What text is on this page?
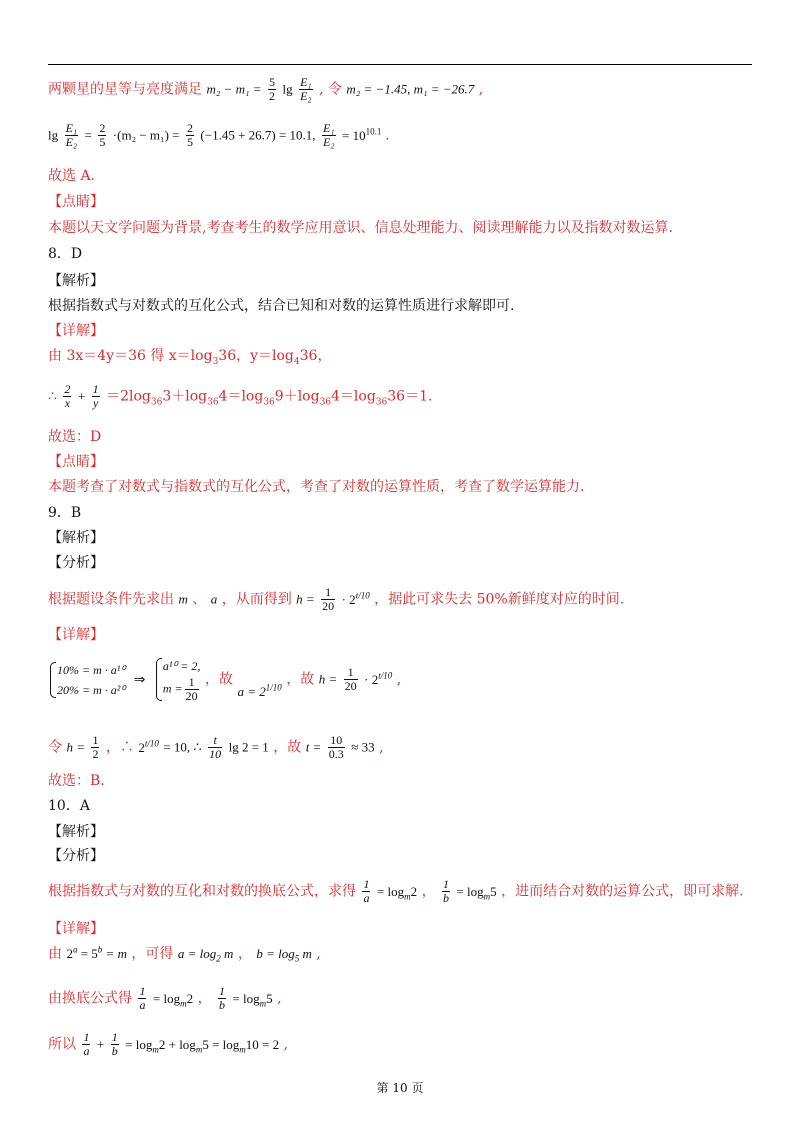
两颗星的星等与亮度满足 $m_2 - m_1 = \frac{5}{2}$ $\lg \frac{\text{E₁}}{\text{E₂}}$ , 令 m₂ = −1.45, m₁ = −26.7 ,
$\lg \frac{\text{E₁}}{\text{E₂}} = \frac{2}{5} \cdot(m_2 - m_1) = \frac{2}{5} (-1.45 + 26.7) = 10.1$, $\frac{\text{E₁}}{\text{E₂}} = 10^{10.1}$ .
故选 A.
【点睛】
本题以天文学问题为背景,考查考生的数学应用意识、信息处理能力、阅读理解能力以及指数对数运算.
8．D
【解析】
根据指数式与对数式的互化公式，结合已知和对数的运算性质进行求解即可.
【详解】
由 3x＝4y＝36 得 $x=\log_336$，$y=\log_436$，
∴ $\frac{2}{x} + \frac{1}{y} =2\log_{36}3+\log_{36}4=\log_{36}9+\log_{36}4=\log_{36}36=1$.
故选：D
【点睛】
本题考查了对数式与指数式的互化公式，考查了对数的运算性质，考查了数学运算能力.
9．B
【解析】
【分析】
根据题设条件先求出 m 、 a ，从而得到 $h = \frac{1}{20} \cdot 2^{t/10}$ ，据此可求失去 50%新鲜度对应的时间.
【详解】
10% = m · a¹⁰
20% = m · a²⁰
⇒
a¹⁰ = 2,
$m = \frac{1}{20}$ ，故 $a = 2^{1/10}$ ，故 $h = \frac{1}{20} \cdot 2^{t/10}$ ,
令 $h = \frac{1}{2}$ ，∴ $2^{t/10} = 10$, ∴ $\frac{t}{10}$ lg 2 = 1 ，故 $t = \frac{10}{0.3} \approx 33$ ,
故选：B.
10．A
【解析】
【分析】
根据指数式与对数的互化和对数的换底公式，求得 $\frac{1}{a} = \log_m2$ ， $\frac{1}{b} = \log_m5$ ，进而结合对数的运算公式，即可求解.
【详解】
由 $2^a = 5^b = m$ ，可得 $a = \log_2 m$ ， $b = \log_5 m$ ,
由换底公式得 $\frac{1}{a} = \log_m2$ ， $\frac{1}{b} = \log_m5$ ,
所以 $\frac{1}{a} + \frac{1}{b} = \log_m2 + \log_m5 = \log_m10 = 2$ ,
第 10 页
